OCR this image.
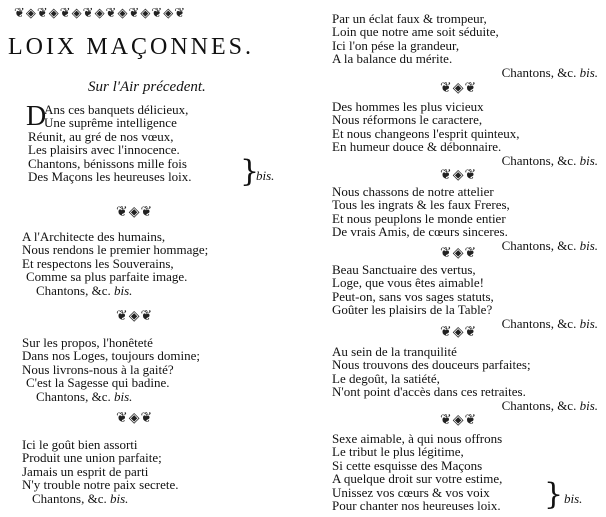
❦◈❦◈❦◈❦◈❦◈❦◈❦◈❦
LOIX MAÇONNES.
Sur l'Air précedent.
D
Ans ces banquets délicieux,
Une suprême intelligence
Réunit, au gré de nos vœux,
Les plaisirs avec l'innocence.
Chantons, bénissons mille fois
Des Maçons les heureuses loix.	}
bis.
❦◈❦
A l'Architecte des humains,
Nous rendons le premier hommage;
Et respectons les Souverains,
Comme sa plus parfaite image.
Chantons, &c. bis.
❦◈❦
Sur les propos, l'honêteté
Dans nos Loges, toujours domine;
Nous livrons-nous à la gaité?
C'est la Sagesse qui badine.
Chantons, &c. bis.
❦◈❦
Ici le goût bien assorti
Produit une union parfaite;
Jamais un esprit de parti
N'y trouble notre paix secrete.
Chantons, &c. bis.
Par un éclat faux & trompeur,
Loin que notre ame soit séduite,
Ici l'on pése la grandeur,
A la balance du mérite.
Chantons, &c. bis.
❦◈❦
Des hommes les plus vicieux
Nous réformons le caractere,
Et nous changeons l'esprit quinteux,
En humeur douce & débonnaire.
Chantons, &c. bis.
❦◈❦
Nous chassons de notre attelier
Tous les ingrats & les faux Freres,
Et nous peuplons le monde entier
De vrais Amis, de cœurs sinceres.
Chantons, &c. bis.
❦◈❦
Beau Sanctuaire des vertus,
Loge, que vous êtes aimable!
Peut-on, sans vos sages statuts,
Goûter les plaisirs de la Table?
Chantons, &c. bis.
❦◈❦
Au sein de la tranquilité
Nous trouvons des douceurs parfaites;
Le degoût, la satiété,
N'ont point d'accès dans ces retraites.
Chantons, &c. bis.
❦◈❦
Sexe aimable, à qui nous offrons
Le tribut le plus légitime,
Si cette esquisse des Maçons
A quelque droit sur votre estime,
Unissez vos cœurs & vos voix
Pour chanter nos heureuses loix.	} bis.
